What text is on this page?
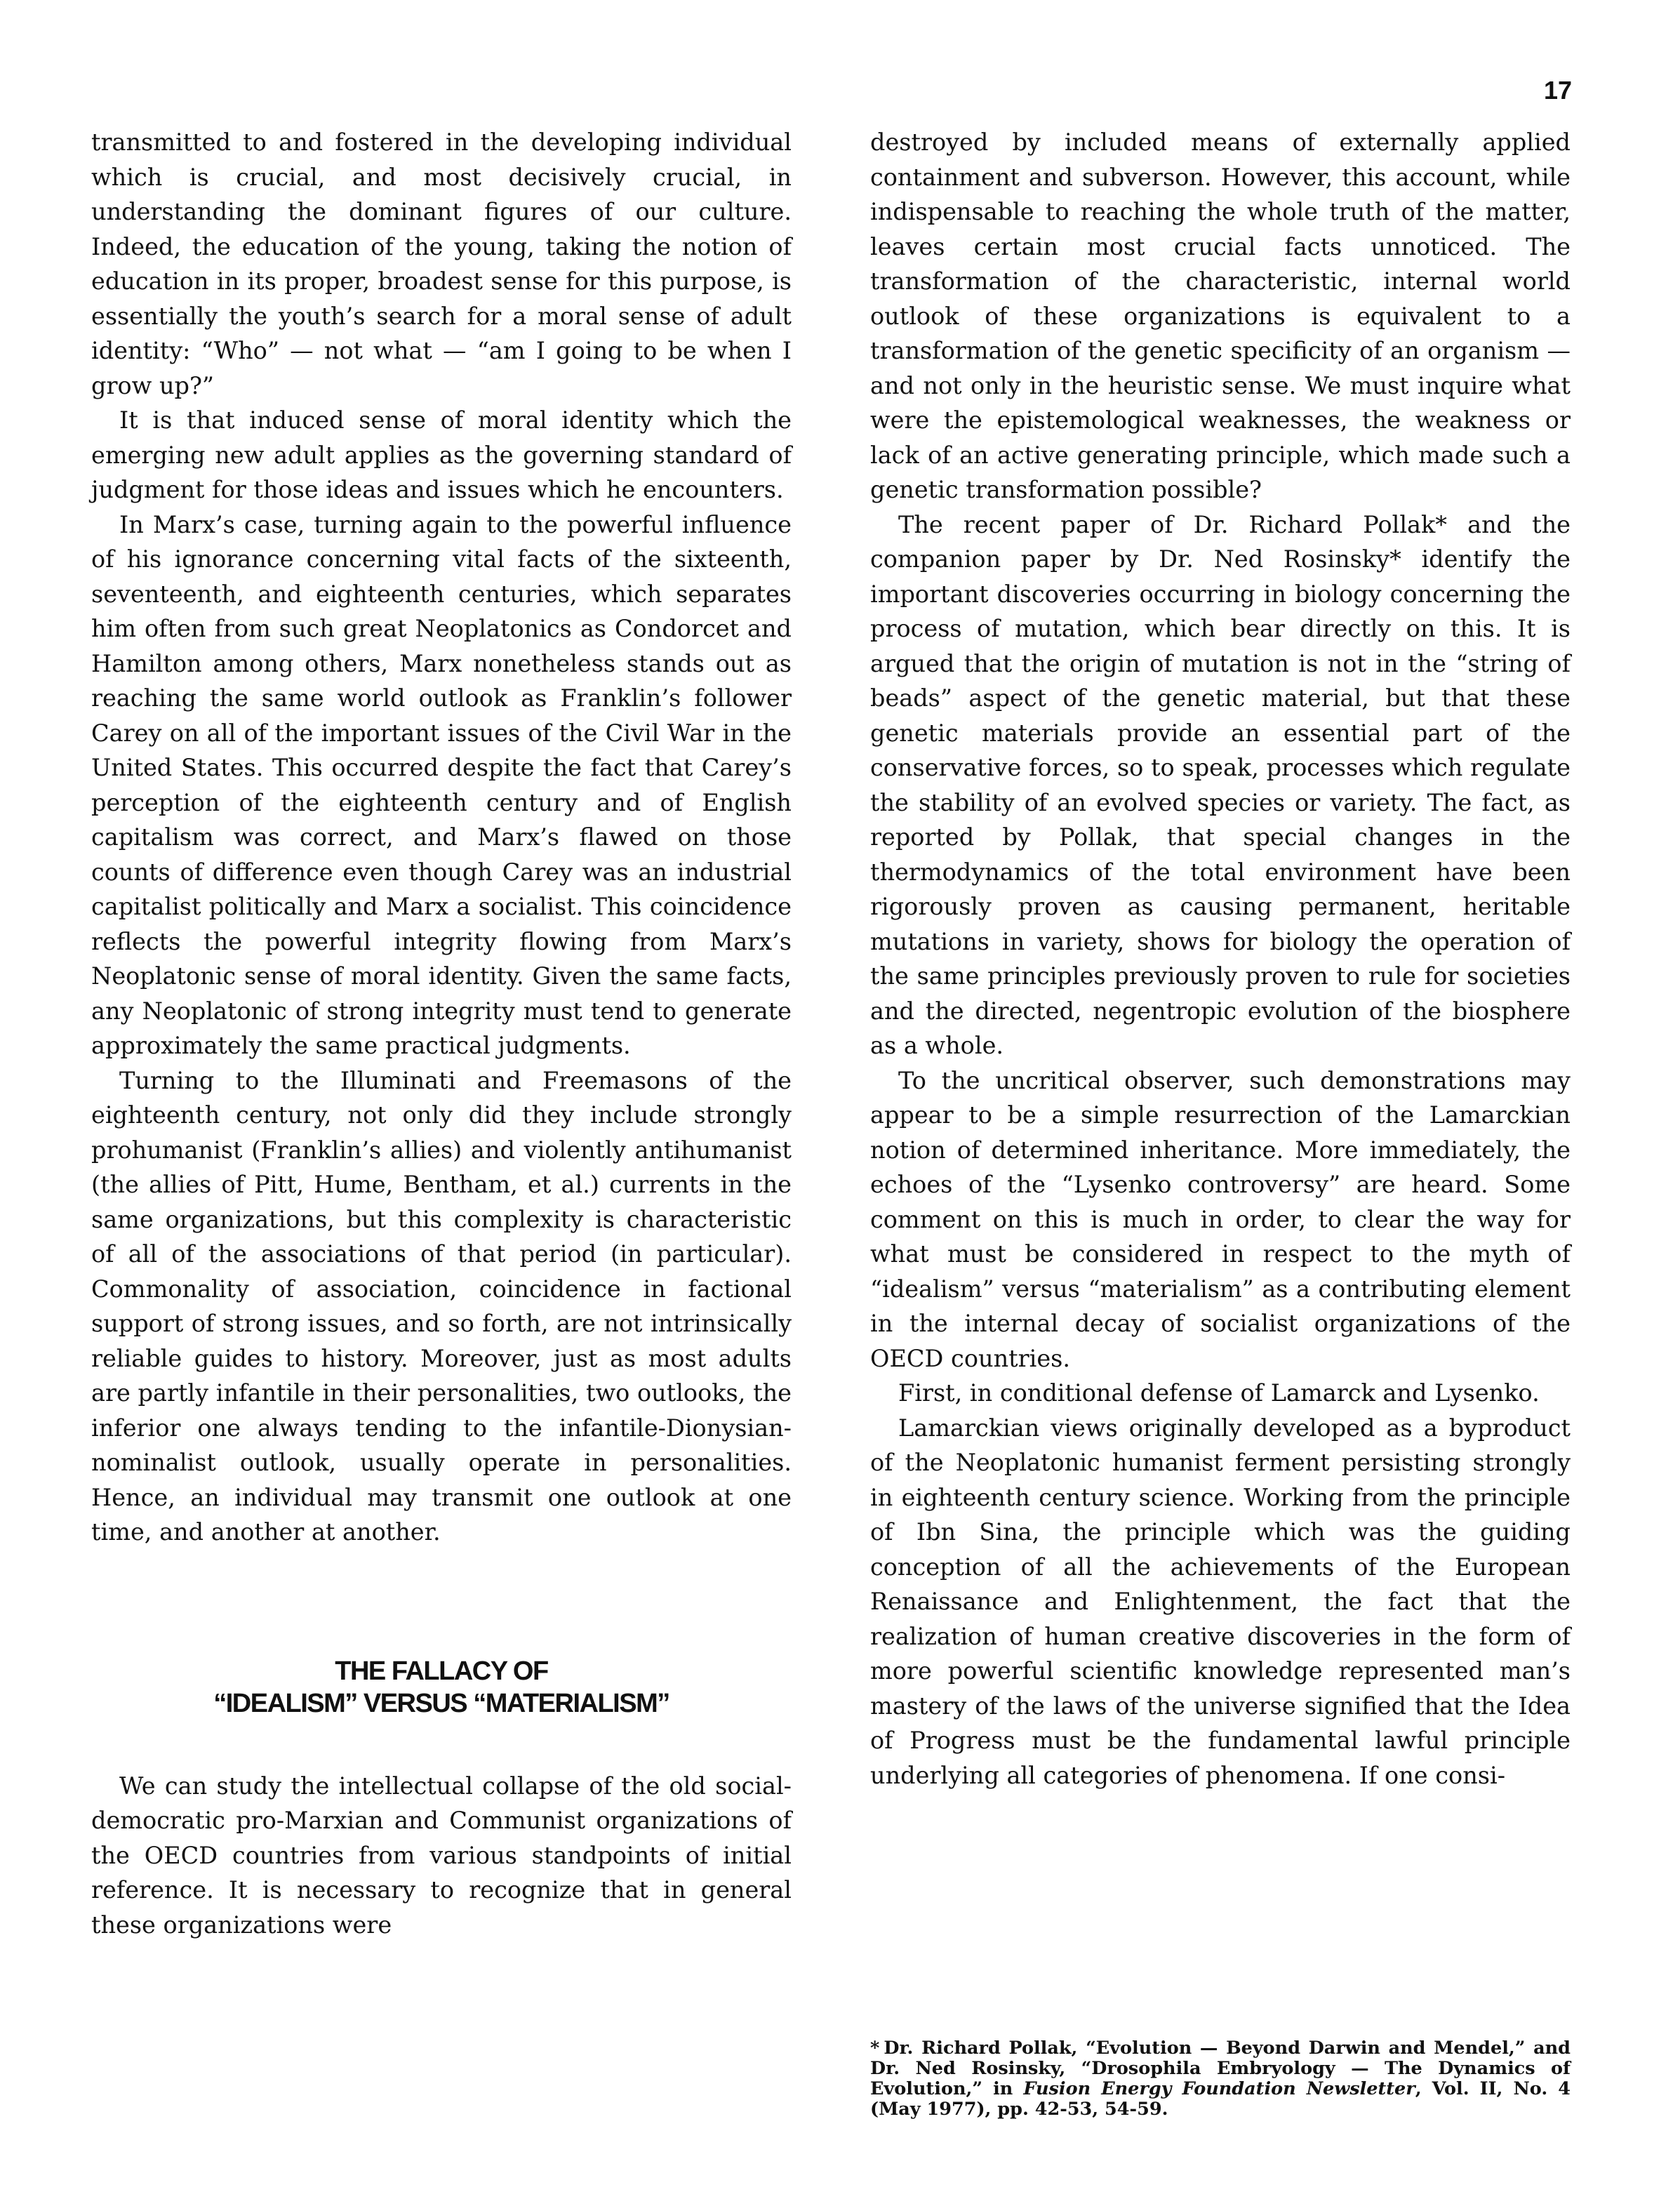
17

transmitted to and fostered in the developing individual which is crucial, and most decisively crucial, in understanding the dominant figures of our culture. Indeed, the education of the young, taking the notion of education in its proper, broadest sense for this purpose, is essentially the youth’s search for a moral sense of adult identity: “Who” — not what — “am I going to be when I grow up?”

It is that induced sense of moral identity which the emerging new adult applies as the governing standard of judgment for those ideas and issues which he encounters.

In Marx’s case, turning again to the powerful influence of his ignorance concerning vital facts of the sixteenth, seventeenth, and eighteenth centuries, which separates him often from such great Neoplatonics as Condorcet and Hamilton among others, Marx nonetheless stands out as reaching the same world outlook as Franklin’s follower Carey on all of the important issues of the Civil War in the United States. This occurred despite the fact that Carey’s perception of the eighteenth century and of English capitalism was correct, and Marx’s flawed on those counts of difference even though Carey was an industrial capitalist politically and Marx a socialist. This coincidence reflects the powerful integrity flowing from Marx’s Neoplatonic sense of moral identity. Given the same facts, any Neoplatonic of strong integrity must tend to generate approximately the same practical judgments.

Turning to the Illuminati and Freemasons of the eighteenth century, not only did they include strongly prohumanist (Franklin’s allies) and violently antihumanist (the allies of Pitt, Hume, Bentham, et al.) currents in the same organizations, but this complexity is characteristic of all of the associations of that period (in particular). Commonality of association, coincidence in factional support of strong issues, and so forth, are not intrinsically reliable guides to history. Moreover, just as most adults are partly infantile in their personalities, two outlooks, the inferior one always tending to the infantile-Dionysiannominalist outlook, usually operate in personalities. Hence, an individual may transmit one outlook at one time, and another at another.

THE FALLACY OF
“IDEALISM” VERSUS “MATERIALISM”

We can study the intellectual collapse of the old social-democratic pro-Marxian and Communist organizations of the OECD countries from various standpoints of initial reference. It is necessary to recognize that in general these organizations were

destroyed by included means of externally applied containment and subverson. However, this account, while indispensable to reaching the whole truth of the matter, leaves certain most crucial facts unnoticed. The transformation of the characteristic, internal world outlook of these organizations is equivalent to a transformation of the genetic specificity of an organism — and not only in the heuristic sense. We must inquire what were the epistemological weaknesses, the weakness or lack of an active generating principle, which made such a genetic transformation possible?

The recent paper of Dr. Richard Pollak* and the companion paper by Dr. Ned Rosinsky* identify the important discoveries occurring in biology concerning the process of mutation, which bear directly on this. It is argued that the origin of mutation is not in the “string of beads” aspect of the genetic material, but that these genetic materials provide an essential part of the conservative forces, so to speak, processes which regulate the stability of an evolved species or variety. The fact, as reported by Pollak, that special changes in the thermodynamics of the total environment have been rigorously proven as causing permanent, heritable mutations in variety, shows for biology the operation of the same principles previously proven to rule for societies and the directed, negentropic evolution of the biosphere as a whole.

To the uncritical observer, such demonstrations may appear to be a simple resurrection of the Lamarckian notion of determined inheritance. More immediately, the echoes of the “Lysenko controversy” are heard. Some comment on this is much in order, to clear the way for what must be considered in respect to the myth of “idealism” versus “materialism” as a contributing element in the internal decay of socialist organizations of the OECD countries.

First, in conditional defense of Lamarck and Lysenko.

Lamarckian views originally developed as a byproduct of the Neoplatonic humanist ferment persisting strongly in eighteenth century science. Working from the principle of Ibn Sina, the principle which was the guiding conception of all the achievements of the European Renaissance and Enlightenment, the fact that the realization of human creative discoveries in the form of more powerful scientific knowledge represented man’s mastery of the laws of the universe signified that the Idea of Progress must be the fundamental lawful principle underlying all categories of phenomena. If one consi-

* Dr. Richard Pollak, “Evolution — Beyond Darwin and Mendel,” and Dr. Ned Rosinsky, “Drosophila Embryology — The Dynamics of Evolution,” in Fusion Energy Foundation Newsletter, Vol. II, No. 4 (May 1977), pp. 42-53, 54-59.
